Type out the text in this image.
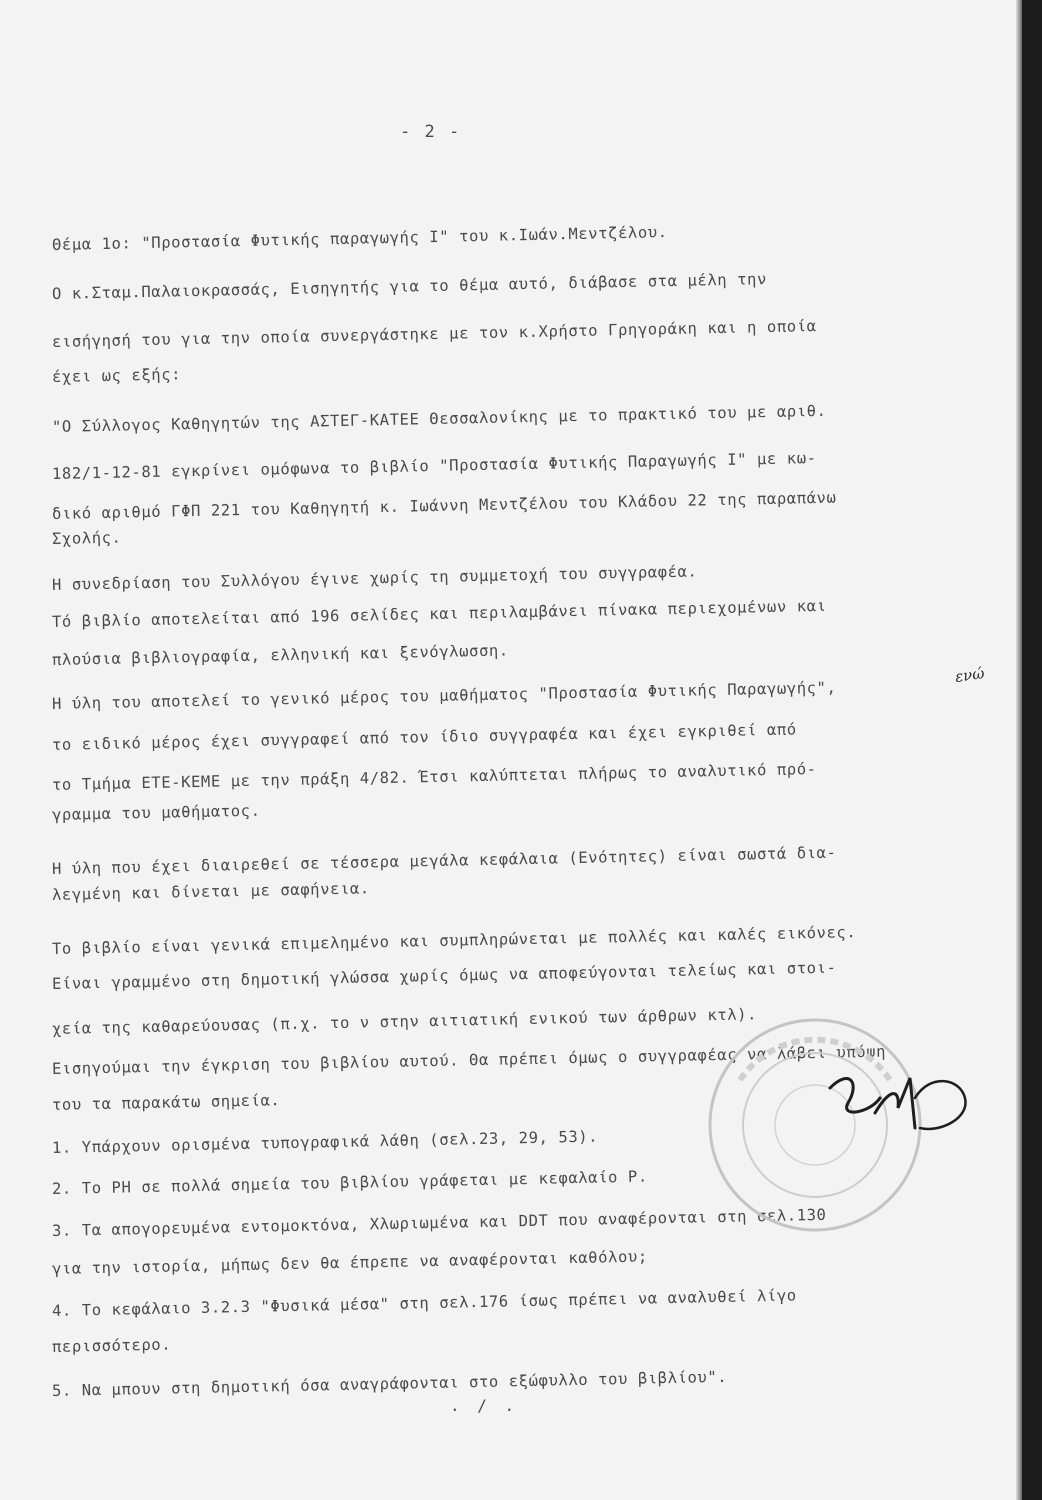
- 2 -
Θέμα 1ο: "Προστασία Φυτικής παραγωγής Ι" του κ.Ιωάν.Μεντζέλου.
Ο κ.Σταμ.Παλαιοκρασσάς, Εισηγητής για το θέμα αυτό, διάβασε στα μέλη την
εισήγησή του για την οποία συνεργάστηκε με τον κ.Χρήστο Γρηγοράκη και η οποία
έχει ως εξής:
"Ο Σύλλογος Καθηγητών της ΑΣΤΕΓ-ΚΑΤΕΕ Θεσσαλονίκης με το πρακτικό του με αριθ.
182/1-12-81 εγκρίνει ομόφωνα το βιβλίο "Προστασία Φυτικής Παραγωγής Ι" με κω-
δικό αριθμό ΓΦΠ 221 του Καθηγητή κ. Ιωάννη Μεντζέλου του Κλάδου 22 της παραπάνω
Σχολής.
Η συνεδρίαση του Συλλόγου έγινε χωρίς τη συμμετοχή του συγγραφέα.
Τό βιβλίο αποτελείται από 196 σελίδες και περιλαμβάνει πίνακα περιεχομένων και
πλούσια βιβλιογραφία, ελληνική και ξενόγλωσση.
Η ύλη του αποτελεί το γενικό μέρος του μαθήματος "Προστασία Φυτικής Παραγωγής",
το ειδικό μέρος έχει συγγραφεί από τον ίδιο συγγραφέα και έχει εγκριθεί από
το Τμήμα ΕΤΕ-ΚΕΜΕ με την πράξη 4/82. Έτσι καλύπτεται πλήρως το αναλυτικό πρό-
γραμμα του μαθήματος.
Η ύλη που έχει διαιρεθεί σε τέσσερα μεγάλα κεφάλαια (Ενότητες) είναι σωστά δια-
λεγμένη και δίνεται με σαφήνεια.
Το βιβλίο είναι γενικά επιμελημένο και συμπληρώνεται με πολλές και καλές εικόνες.
Είναι γραμμένο στη δημοτική γλώσσα χωρίς όμως να αποφεύγονται τελείως και στοι-
χεία της καθαρεύουσας (π.χ. το ν στην αιτιατική ενικού των άρθρων κτλ).
Εισηγούμαι την έγκριση του βιβλίου αυτού. Θα πρέπει όμως ο συγγραφέας να λάβει υπόψη
του τα παρακάτω σημεία.
1. Υπάρχουν ορισμένα τυπογραφικά λάθη (σελ.23, 29, 53).
2. Το PH σε πολλά σημεία του βιβλίου γράφεται με κεφαλαίο Ρ.
3. Τα απογορευμένα εντομοκτόνα, Χλωριωμένα και DDT που αναφέρονται στη σελ.130
για την ιστορία, μήπως δεν θα έπρεπε να αναφέρονται καθόλου;
4. Το κεφάλαιο 3.2.3 "Φυσικά μέσα" στη σελ.176 ίσως πρέπει να αναλυθεί λίγο
περισσότερο.
5. Να μπουν στη δημοτική όσα αναγράφονται στο εξώφυλλο του βιβλίου".
ενώ
. / .
